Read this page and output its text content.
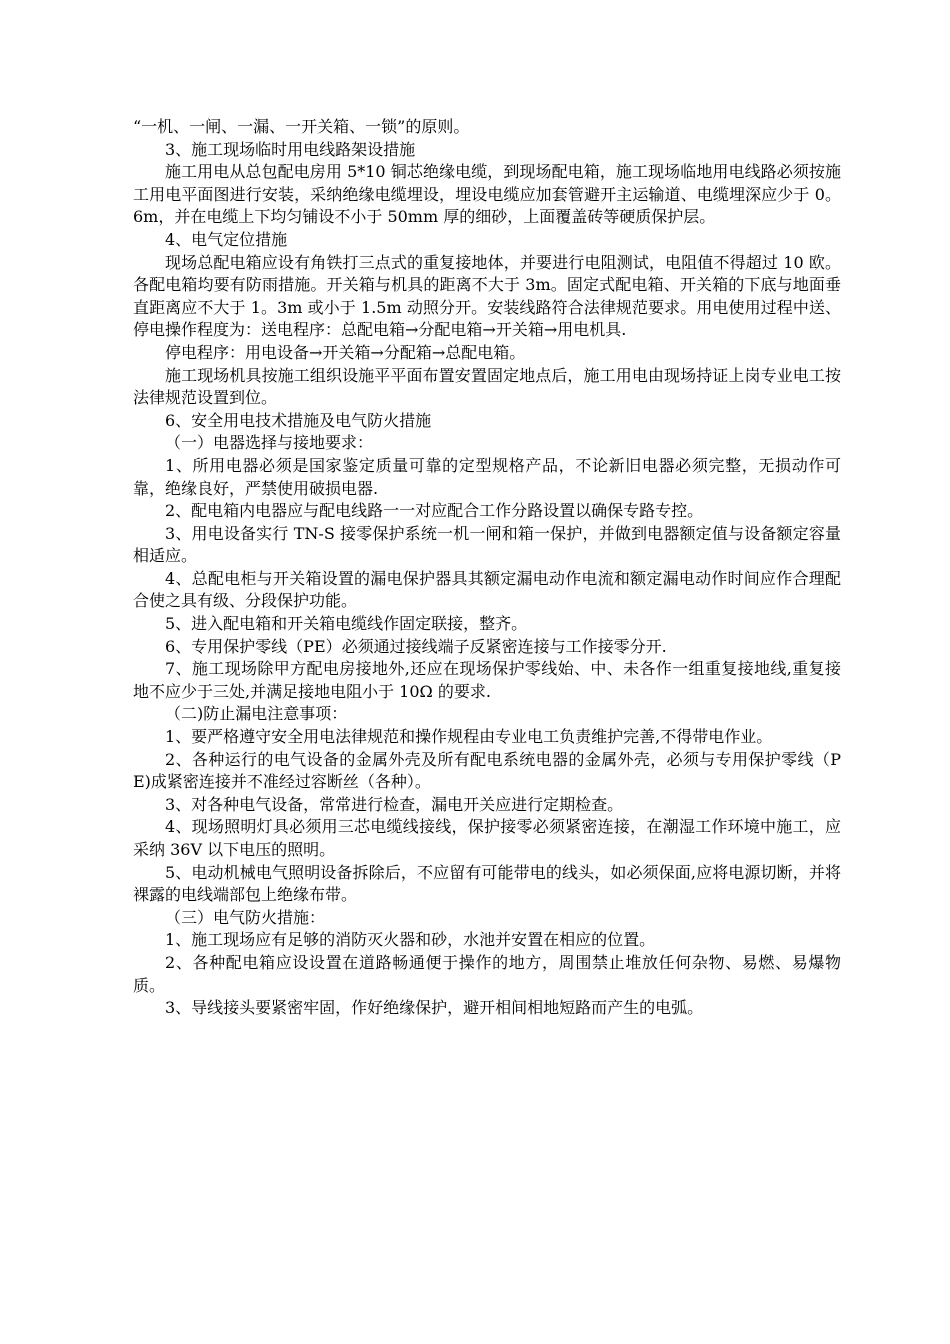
“一机、一闸、一漏、一开关箱、一锁”的原则。

3、施工现场临时用电线路架设措施

施工用电从总包配电房用 5*10 铜芯绝缘电缆，到现场配电箱，施工现场临地用电线路必须按施工用电平面图进行安装，采纳绝缘电缆埋设，埋设电缆应加套管避开主运输道、电缆埋深应少于 0。6m，并在电缆上下均匀铺设不小于 50mm 厚的细砂，上面覆盖砖等硬质保护层。

4、电气定位措施

现场总配电箱应设有角铁打三点式的重复接地体，并要进行电阻测试，电阻值不得超过 10 欧。各配电箱均要有防雨措施。开关箱与机具的距离不大于 3m。固定式配电箱、开关箱的下底与地面垂直距离应不大于 1。3m 或小于 1.5m 动照分开。安装线路符合法律规范要求。用电使用过程中送、停电操作程度为：送电程序：总配电箱→分配电箱→开关箱→用电机具.

停电程序：用电设备→开关箱→分配箱→总配电箱。

施工现场机具按施工组织设施平平面布置安置固定地点后，施工用电由现场持证上岗专业电工按法律规范设置到位。

6、安全用电技术措施及电气防火措施

（一）电器选择与接地要求：

1、所用电器必须是国家鉴定质量可靠的定型规格产品，不论新旧电器必须完整，无损动作可靠，绝缘良好，严禁使用破损电器.

2、配电箱内电器应与配电线路一一对应配合工作分路设置以确保专路专控。

3、用电设备实行 TN-S 接零保护系统一机一闸和箱一保护，并做到电器额定值与设备额定容量相适应。

4、总配电柜与开关箱设置的漏电保护器具其额定漏电动作电流和额定漏电动作时间应作合理配合使之具有级、分段保护功能。

5、进入配电箱和开关箱电缆线作固定联接，整齐。

6、专用保护零线（PE）必须通过接线端子反紧密连接与工作接零分开.

7、施工现场除甲方配电房接地外,还应在现场保护零线始、中、未各作一组重复接地线,重复接地不应少于三处,并满足接地电阻小于 10Ω 的要求.

（二)防止漏电注意事项：

1、要严格遵守安全用电法律规范和操作规程由专业电工负责维护完善,不得带电作业。

2、各种运行的电气设备的金属外壳及所有配电系统电器的金属外壳，必须与专用保护零线（PE)成紧密连接并不准经过容断丝（各种）。

3、对各种电气设备，常常进行检查，漏电开关应进行定期检查。

4、现场照明灯具必须用三芯电缆线接线，保护接零必须紧密连接，在潮湿工作环境中施工，应采纳 36V 以下电压的照明。

5、电动机械电气照明设备拆除后，不应留有可能带电的线头，如必须保面,应将电源切断，并将裸露的电线端部包上绝缘布带。

（三）电气防火措施：

1、施工现场应有足够的消防灭火器和砂，水池并安置在相应的位置。

2、各种配电箱应设设置在道路畅通便于操作的地方，周围禁止堆放任何杂物、易燃、易爆物质。

3、导线接头要紧密牢固，作好绝缘保护，避开相间相地短路而产生的电弧。
